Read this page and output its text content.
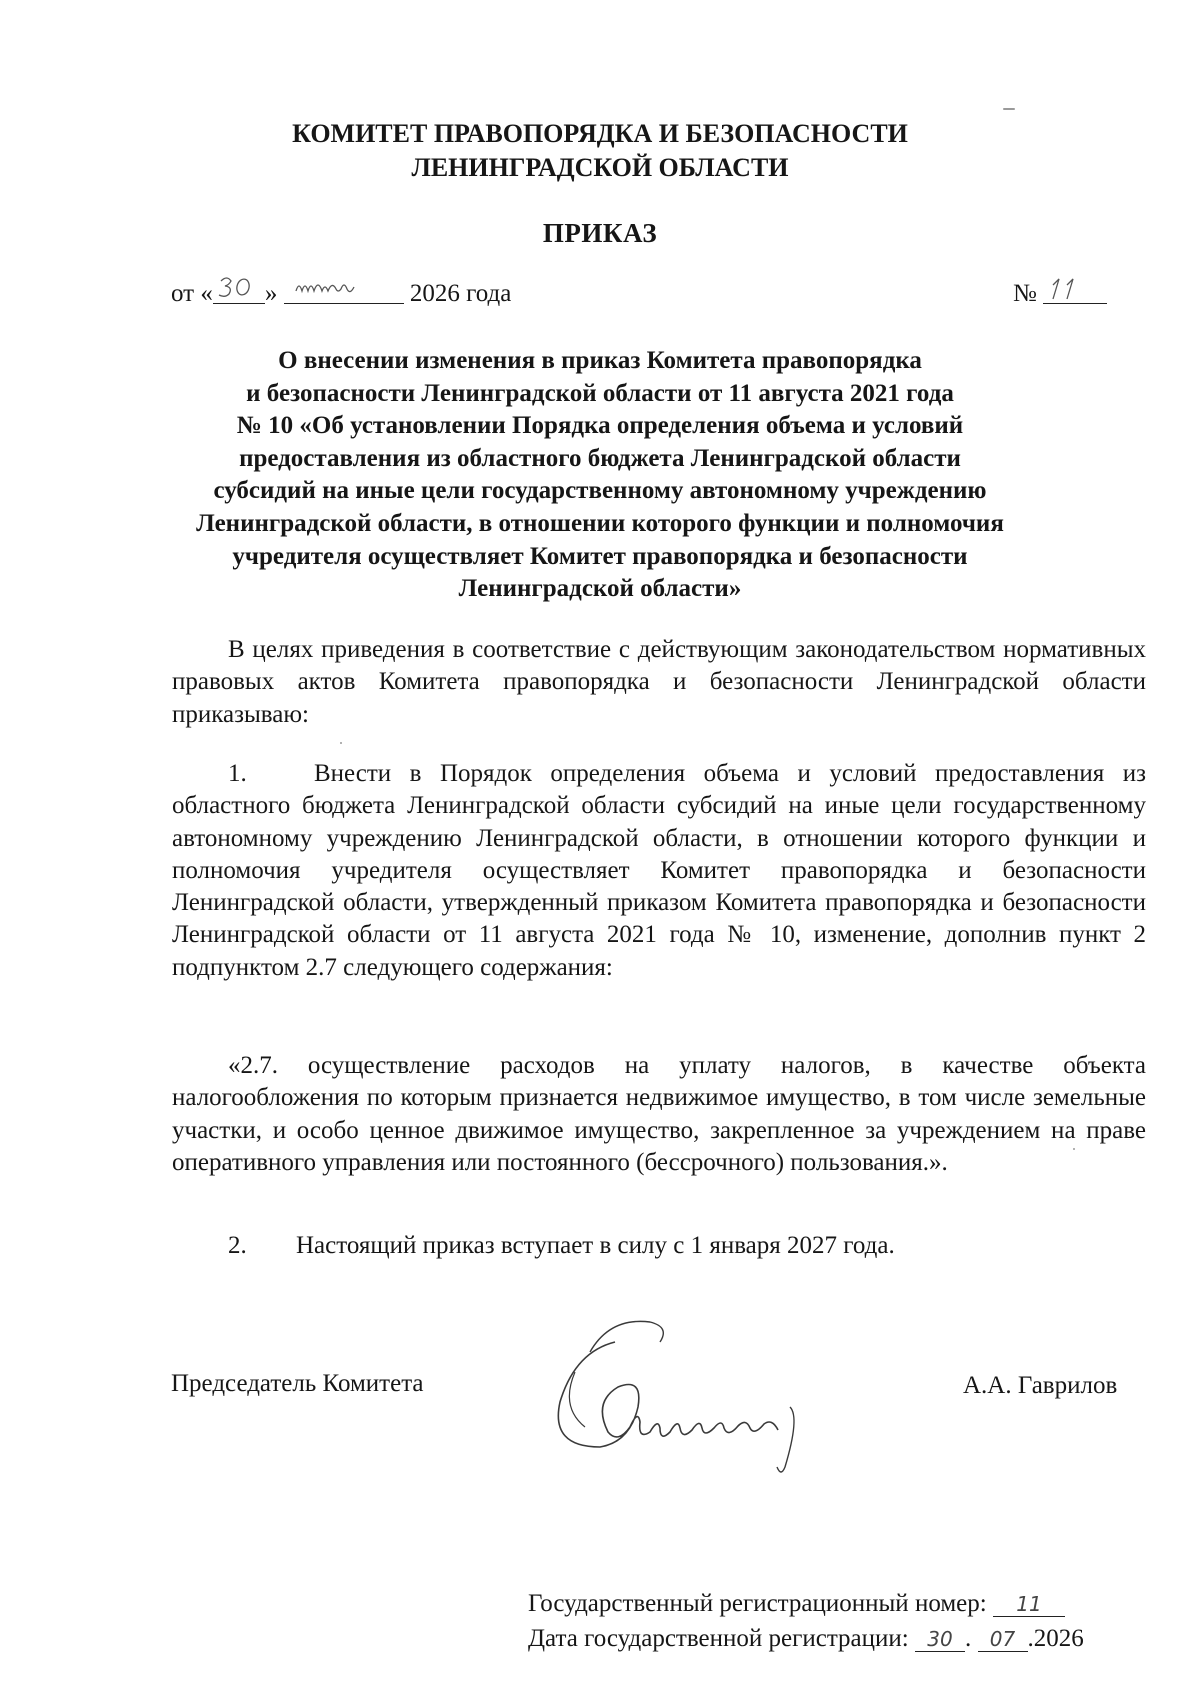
КОМИТЕТ ПРАВОПОРЯДКА И БЕЗОПАСНОСТИ
ЛЕНИНГРАДСКОЙ ОБЛАСТИ
ПРИКАЗ
от « »	2026 года	№
О внесении изменения в приказ Комитета правопорядка
и безопасности Ленинградской области от 11 августа 2021 года
№ 10 «Об установлении Порядка определения объема и условий
предоставления из областного бюджета Ленинградской области
субсидий на иные цели государственному автономному учреждению
Ленинградской области, в отношении которого функции и полномочия
учредителя осуществляет Комитет правопорядка и безопасности
Ленинградской области»
В целях приведения в соответствие с действующим законодательством нормативных правовых актов Комитета правопорядка и безопасности Ленинградской области приказываю:
1.	Внести в Порядок определения объема и условий предоставления из областного бюджета Ленинградской области субсидий на иные цели государственному автономному учреждению Ленинградской области, в отношении которого функции и полномочия учредителя осуществляет Комитет правопорядка и безопасности Ленинградской области, утвержденный приказом Комитета правопорядка и безопасности Ленинградской области от 11 августа 2021 года № 10, изменение, дополнив пункт 2 подпунктом 2.7 следующего содержания:
«2.7. осуществление расходов на уплату налогов, в качестве объекта налогообложения по которым признается недвижимое имущество, в том числе земельные участки, и особо ценное движимое имущество, закрепленное за учреждением на праве оперативного управления или постоянного (бессрочного) пользования.».
2. Настоящий приказ вступает в силу с 1 января 2027 года.
Председатель Комитета	А.А. Гаврилов
Государственный регистрационный номер: 11
Дата государственной регистрации: 30 . 07 .2026
